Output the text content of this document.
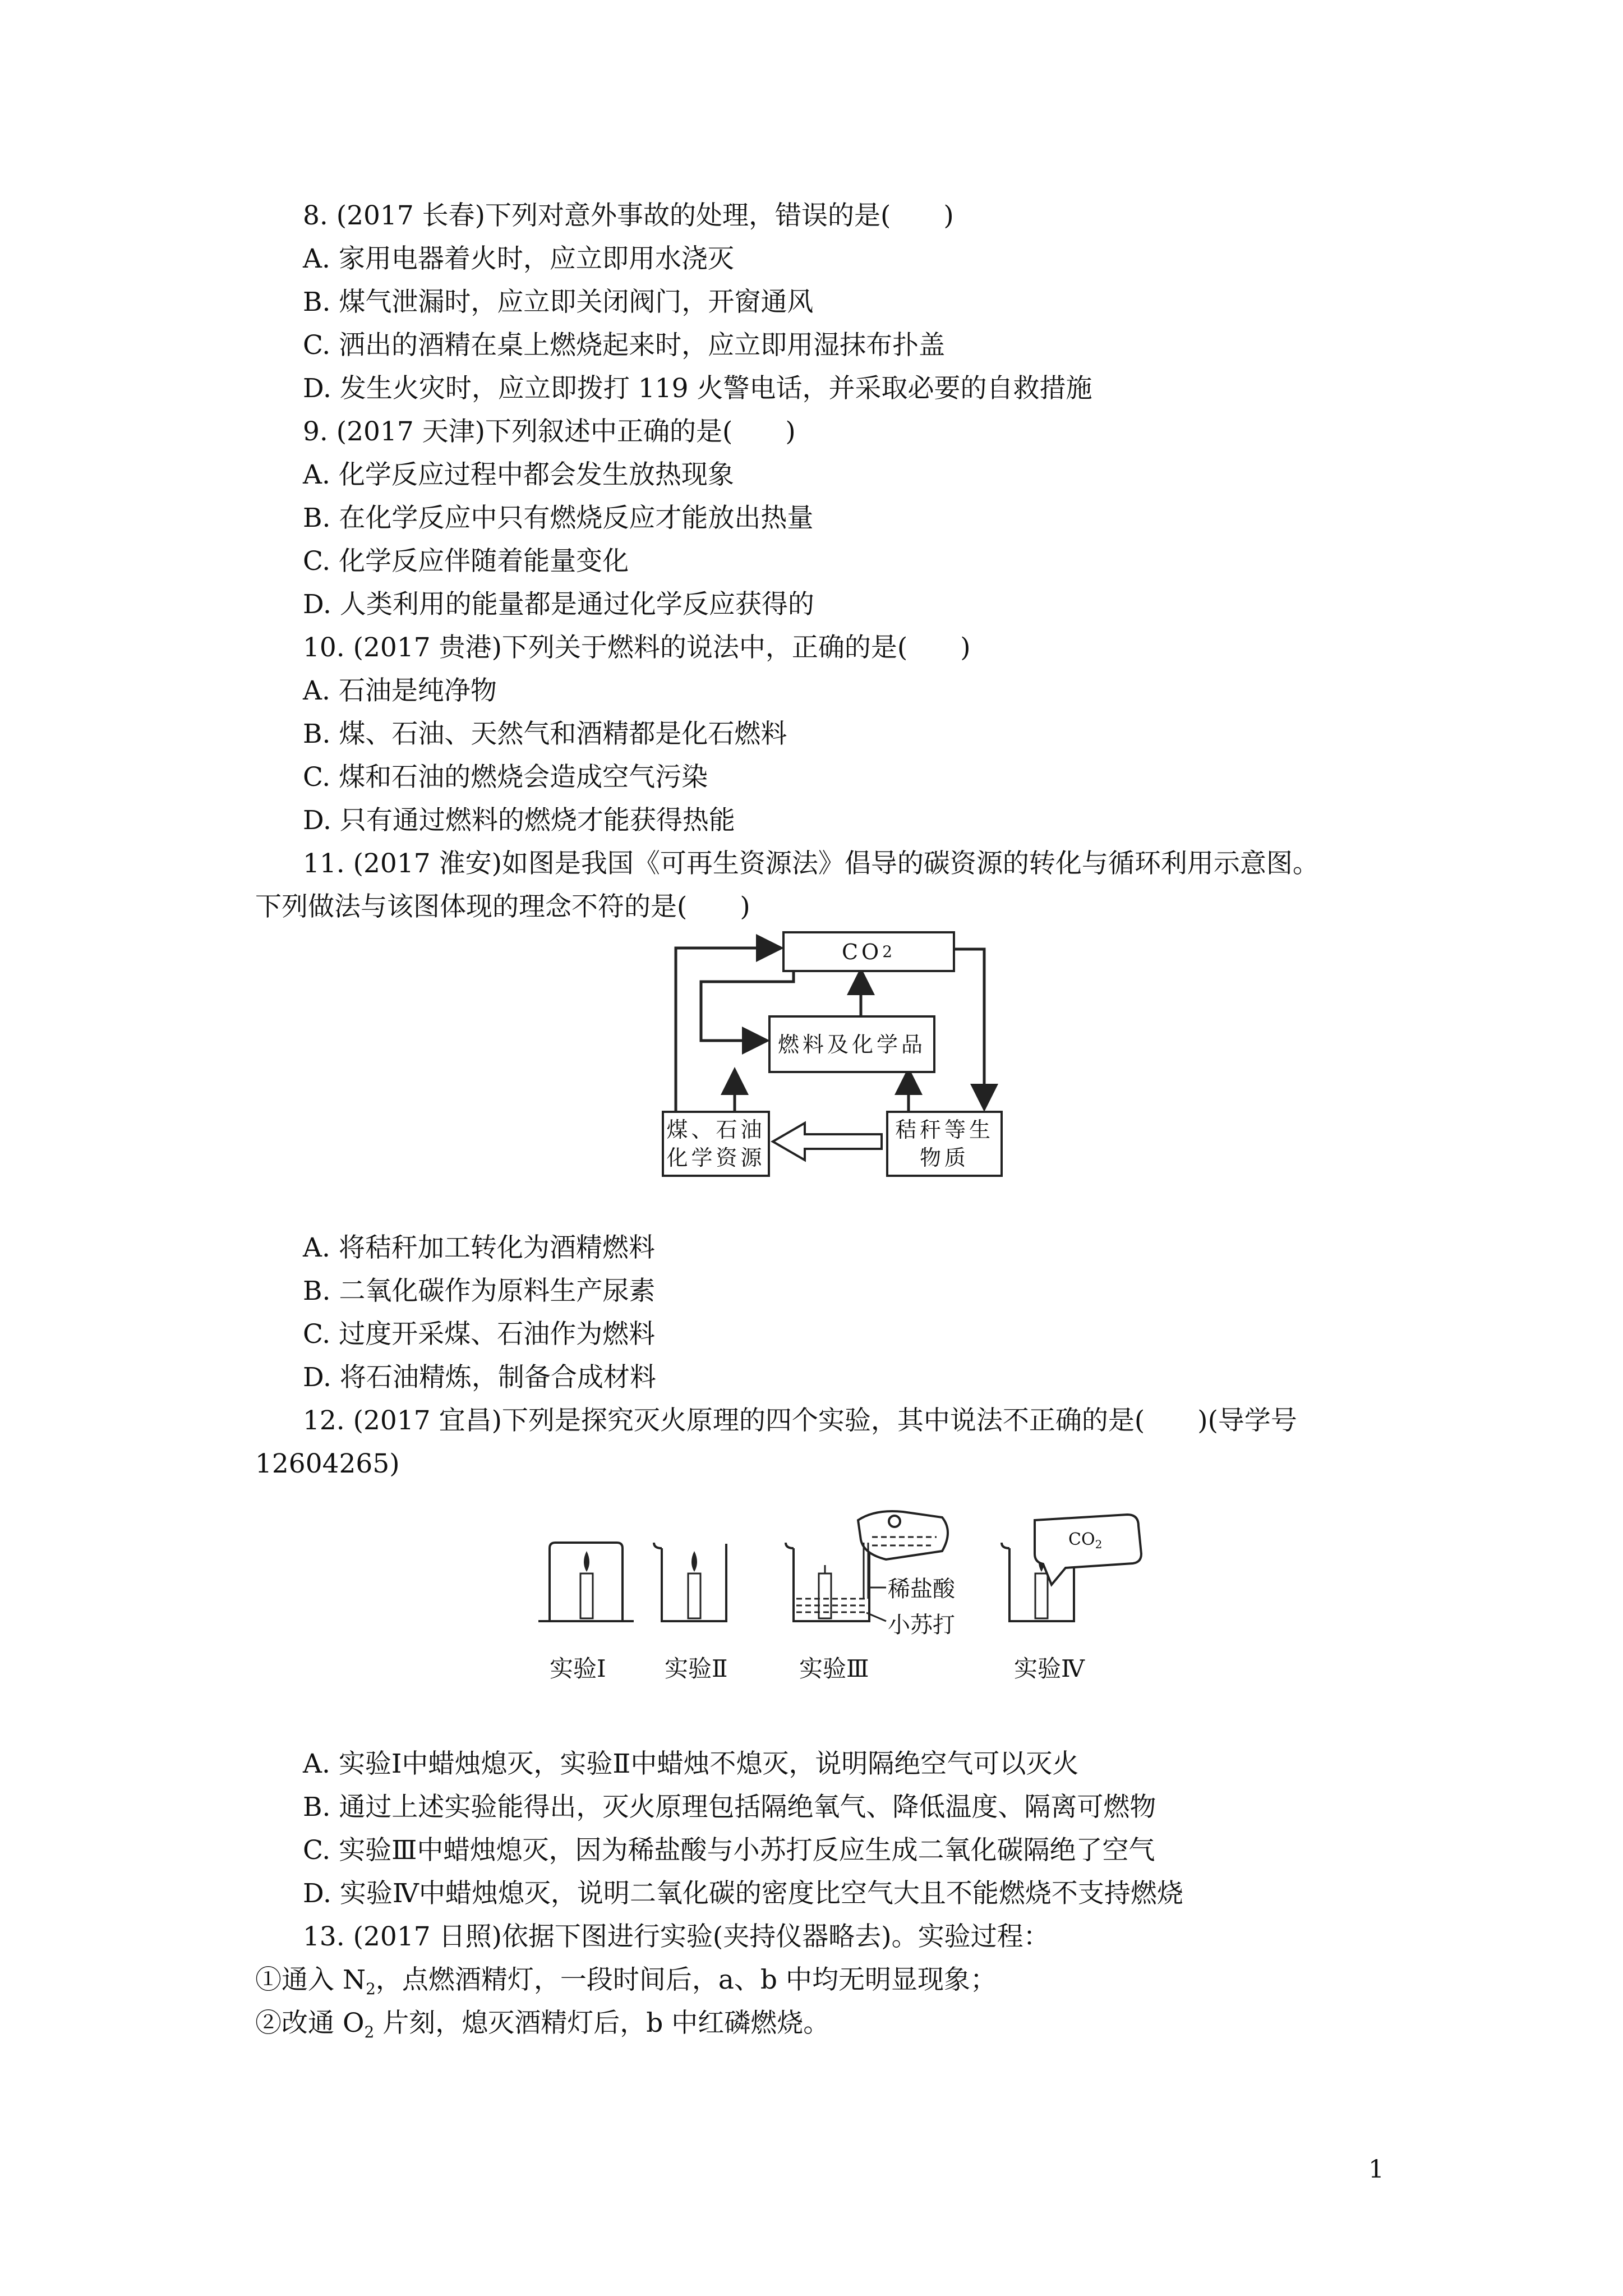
8. (2017 长春)下列对意外事故的处理，错误的是(　　)
A. 家用电器着火时，应立即用水浇灭
B. 煤气泄漏时，应立即关闭阀门，开窗通风
C. 洒出的酒精在桌上燃烧起来时，应立即用湿抹布扑盖
D. 发生火灾时，应立即拨打 119 火警电话，并采取必要的自救措施
9. (2017 天津)下列叙述中正确的是(　　)
A. 化学反应过程中都会发生放热现象
B. 在化学反应中只有燃烧反应才能放出热量
C. 化学反应伴随着能量变化
D. 人类利用的能量都是通过化学反应获得的
10. (2017 贵港)下列关于燃料的说法中，正确的是(　　)
A. 石油是纯净物
B. 煤、石油、天然气和酒精都是化石燃料
C. 煤和石油的燃烧会造成空气污染
D. 只有通过燃料的燃烧才能获得热能
11. (2017 淮安)如图是我国《可再生资源法》倡导的碳资源的转化与循环利用示意图。
下列做法与该图体现的理念不符的是(　　)
CO 2
燃料及化学品
煤、石油
化学资源
秸秆等生
物质
A. 将秸秆加工转化为酒精燃料
B. 二氧化碳作为原料生产尿素
C. 过度开采煤、石油作为燃料
D. 将石油精炼，制备合成材料
12. (2017 宜昌)下列是探究灭火原理的四个实验，其中说法不正确的是(　　)(导学号
12604265)
实验Ⅰ 实验Ⅱ	实验Ⅲ	实验Ⅳ
稀盐酸
小苏打
$CO_2$
A. 实验Ⅰ中蜡烛熄灭，实验Ⅱ中蜡烛不熄灭，说明隔绝空气可以灭火
B. 通过上述实验能得出，灭火原理包括隔绝氧气、降低温度、隔离可燃物
C. 实验Ⅲ中蜡烛熄灭，因为稀盐酸与小苏打反应生成二氧化碳隔绝了空气
D. 实验Ⅳ中蜡烛熄灭，说明二氧化碳的密度比空气大且不能燃烧不支持燃烧
13. (2017 日照)依据下图进行实验(夹持仪器略去)。实验过程：
①通入 $N_2$，点燃酒精灯，一段时间后，a、b 中均无明显现象；
②改通 $O_2$ 片刻，熄灭酒精灯后，b 中红磷燃烧。
1
